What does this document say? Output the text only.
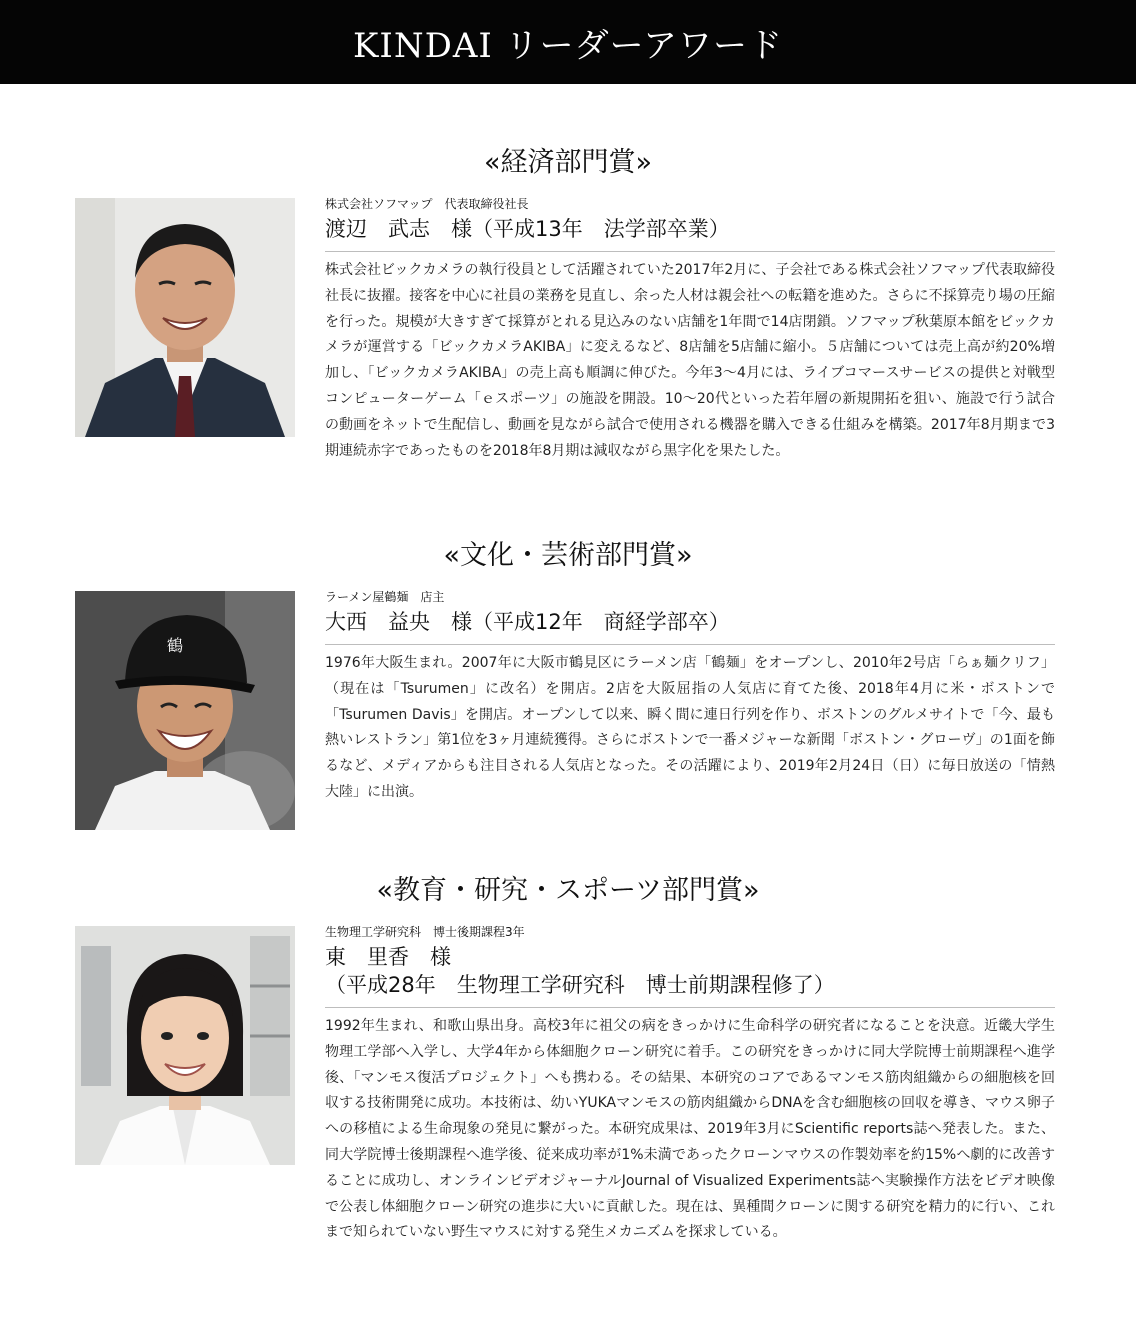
KINDAI リーダーアワード
«経済部門賞»

株式会社ソフマップ　代表取締役社長

渡辺　武志　様（平成13年　法学部卒業）

株式会社ビックカメラの執行役員として活躍されていた2017年2月に、子会社である株式会社ソフマップ代表取締役社長に抜擢。接客を中心に社員の業務を見直し、余った人材は親会社への転籍を進めた。さらに不採算売り場の圧縮を行った。規模が大きすぎて採算がとれる見込みのない店舗を1年間で14店閉鎖。ソフマップ秋葉原本館をビックカメラが運営する「ビックカメラAKIBA」に変えるなど、8店舗を5店舗に縮小。５店舗については売上高が約20%増加し、「ビックカメラAKIBA」の売上高も順調に伸びた。今年3～4月には、ライブコマースサービスの提供と対戦型コンピューターゲーム「ｅスポーツ」の施設を開設。10～20代といった若年層の新規開拓を狙い、施設で行う試合の動画をネットで生配信し、動画を見ながら試合で使用される機器を購入できる仕組みを構築。2017年8月期まで3期連続赤字であったものを2018年8月期は減収ながら黒字化を果たした。

«文化・芸術部門賞»
鶴

ラーメン屋鶴麺　店主

大西　益央　様（平成12年　商経学部卒）

1976年大阪生まれ。2007年に大阪市鶴見区にラーメン店「鶴麺」をオープンし、2010年2号店「らぁ麺クリフ」（現在は「Tsurumen」に改名）を開店。2店を大阪屈指の人気店に育てた後、2018年4月に米・ボストンで「Tsurumen Davis」を開店。オープンして以来、瞬く間に連日行列を作り、ボストンのグルメサイトで「今、最も熱いレストラン」第1位を3ヶ月連続獲得。さらにボストンで一番メジャーな新聞「ボストン・グローヴ」の1面を飾るなど、メディアからも注目される人気店となった。その活躍により、2019年2月24日（日）に毎日放送の「情熱大陸」に出演。

«教育・研究・スポーツ部門賞»

生物理工学研究科　博士後期課程3年

東　里香　様
（平成28年　生物理工学研究科　博士前期課程修了）

1992年生まれ、和歌山県出身。高校3年に祖父の病をきっかけに生命科学の研究者になることを決意。近畿大学生物理工学部へ入学し、大学4年から体細胞クローン研究に着手。この研究をきっかけに同大学院博士前期課程へ進学後、「マンモス復活プロジェクト」へも携わる。その結果、本研究のコアであるマンモス筋肉組織からの細胞核を回収する技術開発に成功。本技術は、幼いYUKAマンモスの筋肉組織からDNAを含む細胞核の回収を導き、マウス卵子への移植による生命現象の発見に繋がった。本研究成果は、2019年3月にScientific reports誌へ発表した。また、同大学院博士後期課程へ進学後、従来成功率が1%未満であったクローンマウスの作製効率を約15%へ劇的に改善することに成功し、オンラインビデオジャーナルJournal of Visualized Experiments誌へ実験操作方法をビデオ映像で公表し体細胞クローン研究の進歩に大いに貢献した。現在は、異種間クローンに関する研究を精力的に行い、これまで知られていない野生マウスに対する発生メカニズムを探求している。
